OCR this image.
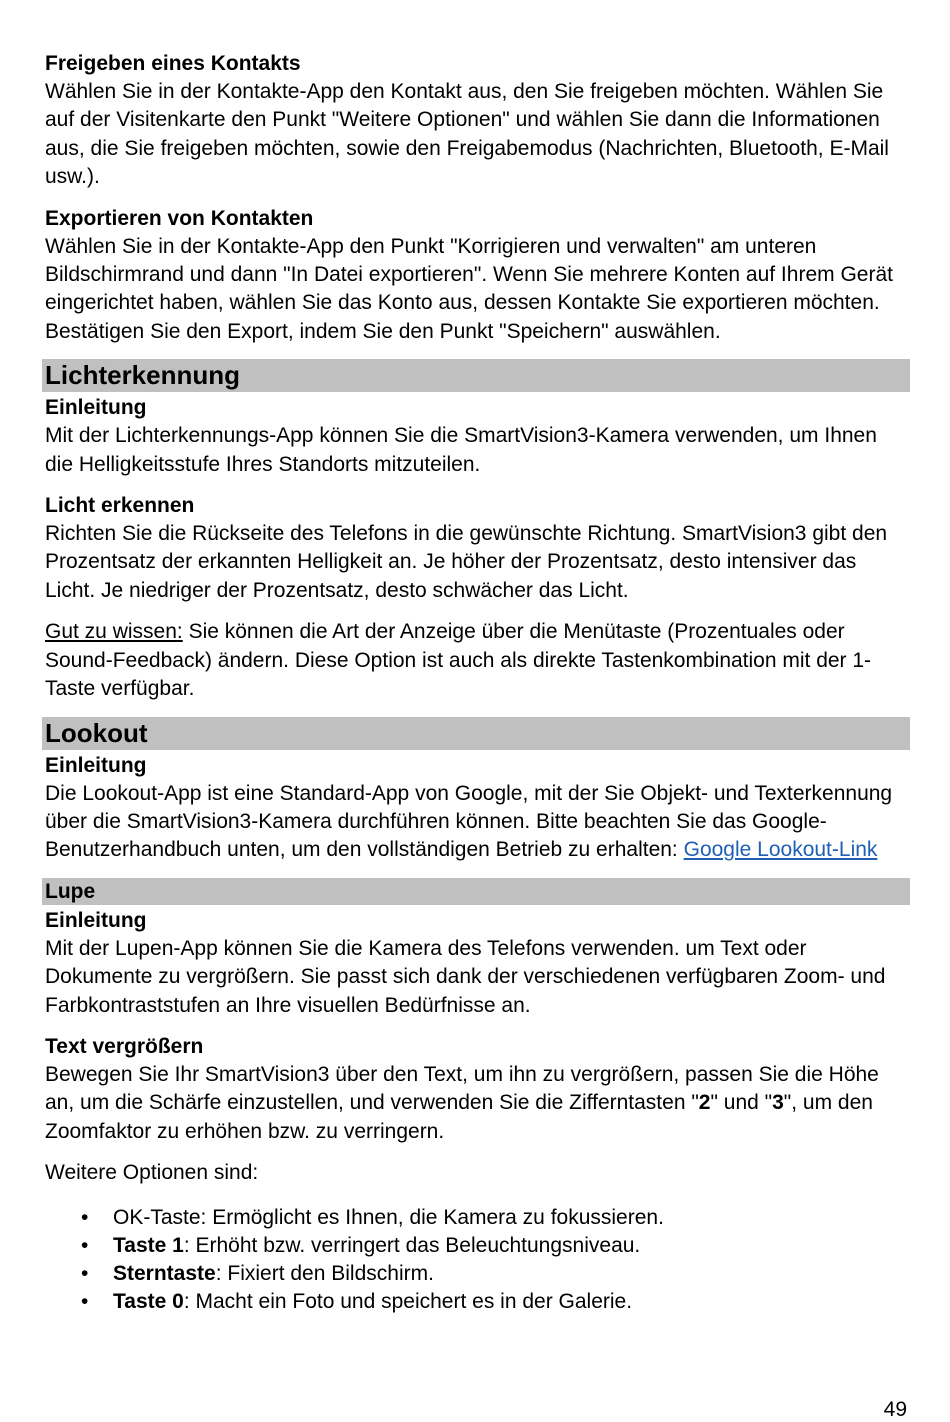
Freigeben eines Kontakts

Wählen Sie in der Kontakte-App den Kontakt aus, den Sie freigeben möchten. Wählen Sie auf der Visitenkarte den Punkt "Weitere Optionen" und wählen Sie dann die Informationen aus, die Sie freigeben möchten, sowie den Freigabemodus (Nachrichten, Bluetooth, E-Mail usw.).

Exportieren von Kontakten

Wählen Sie in der Kontakte-App den Punkt "Korrigieren und verwalten" am unteren Bildschirmrand und dann "In Datei exportieren". Wenn Sie mehrere Konten auf Ihrem Gerät eingerichtet haben, wählen Sie das Konto aus, dessen Kontakte Sie exportieren möchten. Bestätigen Sie den Export, indem Sie den Punkt "Speichern" auswählen.

Lichterkennung
Einleitung

Mit der Lichterkennungs-App können Sie die SmartVision3-Kamera verwenden, um Ihnen die Helligkeitsstufe Ihres Standorts mitzuteilen.

Licht erkennen

Richten Sie die Rückseite des Telefons in die gewünschte Richtung. SmartVision3 gibt den Prozentsatz der erkannten Helligkeit an. Je höher der Prozentsatz, desto intensiver das Licht. Je niedriger der Prozentsatz, desto schwächer das Licht.

Gut zu wissen: Sie können die Art der Anzeige über die Menütaste (Prozentuales oder Sound-Feedback) ändern. Diese Option ist auch als direkte Tastenkombination mit der 1-Taste verfügbar.

Lookout
Einleitung

Die Lookout-App ist eine Standard-App von Google, mit der Sie Objekt- und Texterkennung über die SmartVision3-Kamera durchführen können. Bitte beachten Sie das Google-Benutzerhandbuch unten, um den vollständigen Betrieb zu erhalten: Google Lookout-Link

Lupe
Einleitung

Mit der Lupen-App können Sie die Kamera des Telefons verwenden. um Text oder Dokumente zu vergrößern. Sie passt sich dank der verschiedenen verfügbaren Zoom- und Farbkontraststufen an Ihre visuellen Bedürfnisse an.

Text vergrößern

Bewegen Sie Ihr SmartVision3 über den Text, um ihn zu vergrößern, passen Sie die Höhe an, um die Schärfe einzustellen, und verwenden Sie die Zifferntasten "2" und "3", um den Zoomfaktor zu erhöhen bzw. zu verringern.

Weitere Optionen sind:

• OK-Taste: Ermöglicht es Ihnen, die Kamera zu fokussieren.
• Taste 1: Erhöht bzw. verringert das Beleuchtungsniveau.
• Sterntaste: Fixiert den Bildschirm.
• Taste 0: Macht ein Foto und speichert es in der Galerie.
49
